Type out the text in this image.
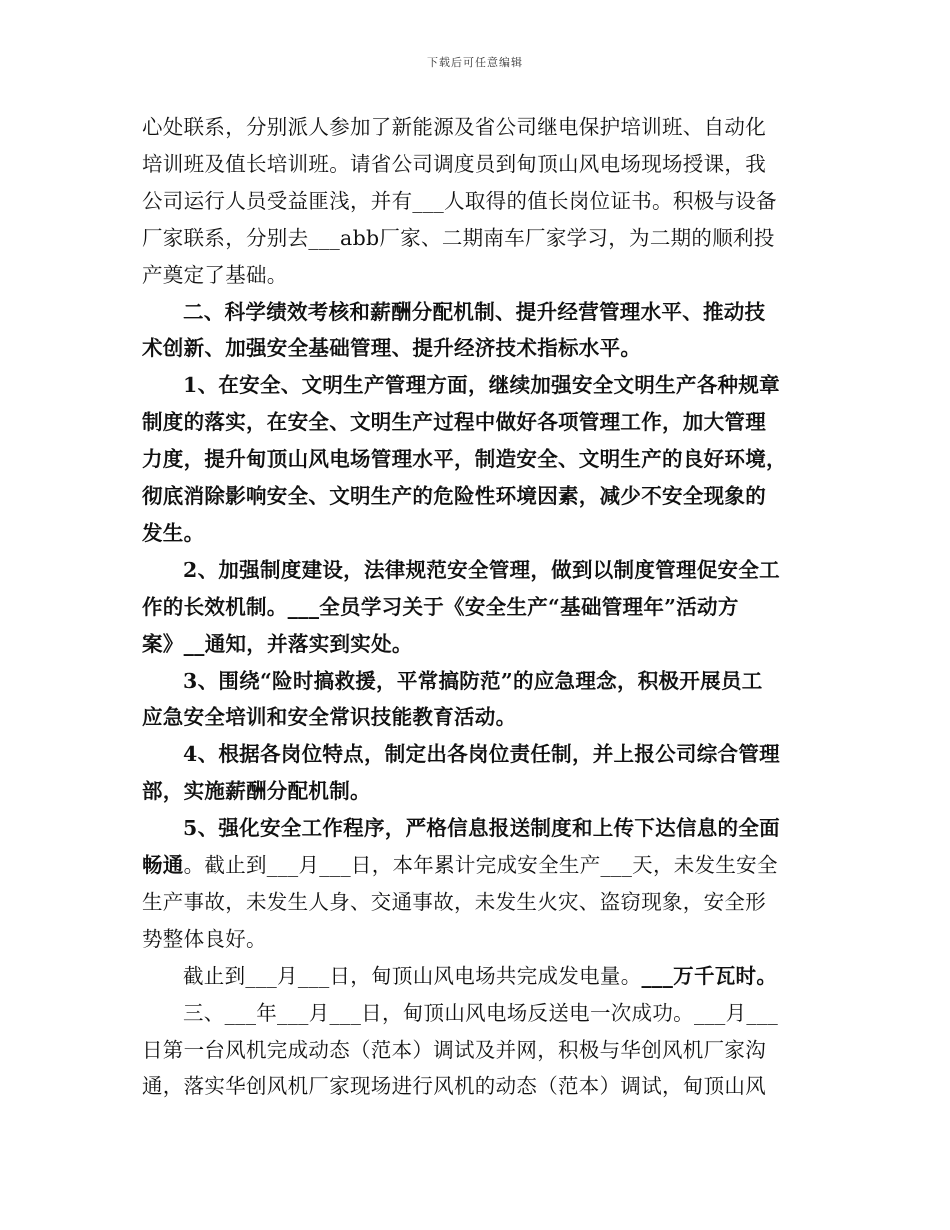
下载后可任意编辑
心处联系，分别派人参加了新能源及省公司继电保护培训班、自动化
培训班及值长培训班。请省公司调度员到甸顶山风电场现场授课，我
公司运行人员受益匪浅，并有___人取得的值长岗位证书。积极与设备
厂家联系，分别去___abb厂家、二期南车厂家学习，为二期的顺利投
产奠定了基础。
二、科学绩效考核和薪酬分配机制、提升经营管理水平、推动技
术创新、加强安全基础管理、提升经济技术指标水平。
1、在安全、文明生产管理方面，继续加强安全文明生产各种规章
制度的落实，在安全、文明生产过程中做好各项管理工作，加大管理
力度，提升甸顶山风电场管理水平，制造安全、文明生产的良好环境，
彻底消除影响安全、文明生产的危险性环境因素，减少不安全现象的
发生。
2、加强制度建设，法律规范安全管理，做到以制度管理促安全工
作的长效机制。___全员学习关于《安全生产“基础管理年”活动方
案》__通知，并落实到实处。
3、围绕“险时搞救援，平常搞防范”的应急理念，积极开展员工
应急安全培训和安全常识技能教育活动。
4、根据各岗位特点，制定出各岗位责任制，并上报公司综合管理
部，实施薪酬分配机制。
5、强化安全工作程序，严格信息报送制度和上传下达信息的全面
畅通。截止到___月___日，本年累计完成安全生产___天，未发生安全
生产事故，未发生人身、交通事故，未发生火灾、盗窃现象，安全形
势整体良好。
截止到___月___日，甸顶山风电场共完成发电量。___万千瓦时。
三、___年___月___日，甸顶山风电场反送电一次成功。___月___
日第一台风机完成动态（范本）调试及并网，积极与华创风机厂家沟
通，落实华创风机厂家现场进行风机的动态（范本）调试，甸顶山风
